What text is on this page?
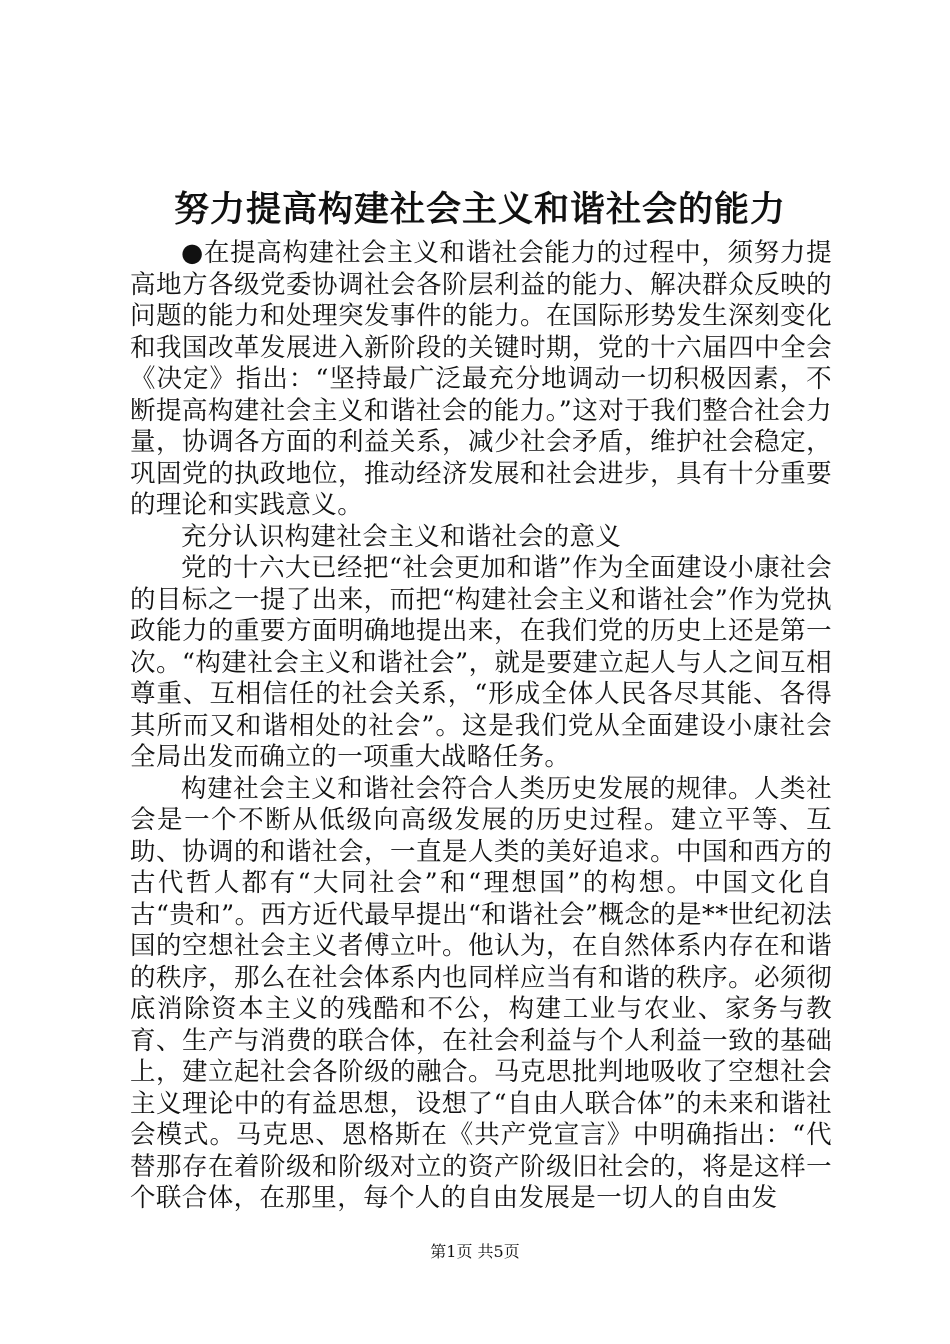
努力提高构建社会主义和谐社会的能力

●在提高构建社会主义和谐社会能力的过程中，须努力提高地方各级党委协调社会各阶层利益的能力、解决群众反映的问题的能力和处理突发事件的能力。在国际形势发生深刻变化和我国改革发展进入新阶段的关键时期，党的十六届四中全会《决定》指出：“坚持最广泛最充分地调动一切积极因素，不断提高构建社会主义和谐社会的能力。”这对于我们整合社会力量，协调各方面的利益关系，减少社会矛盾，维护社会稳定，巩固党的执政地位，推动经济发展和社会进步，具有十分重要的理论和实践意义。

充分认识构建社会主义和谐社会的意义

党的十六大已经把“社会更加和谐”作为全面建设小康社会的目标之一提了出来，而把“构建社会主义和谐社会”作为党执政能力的重要方面明确地提出来，在我们党的历史上还是第一次。“构建社会主义和谐社会”，就是要建立起人与人之间互相尊重、互相信任的社会关系，“形成全体人民各尽其能、各得其所而又和谐相处的社会”。这是我们党从全面建设小康社会全局出发而确立的一项重大战略任务。

构建社会主义和谐社会符合人类历史发展的规律。人类社会是一个不断从低级向高级发展的历史过程。建立平等、互助、协调的和谐社会，一直是人类的美好追求。中国和西方的古代哲人都有“大同社会”和“理想国”的构想。中国文化自古“贵和”。西方近代最早提出“和谐社会”概念的是**世纪初法国的空想社会主义者傅立叶。他认为，在自然体系内存在和谐的秩序，那么在社会体系内也同样应当有和谐的秩序。必须彻底消除资本主义的残酷和不公，构建工业与农业、家务与教育、生产与消费的联合体，在社会利益与个人利益一致的基础上，建立起社会各阶级的融合。马克思批判地吸收了空想社会主义理论中的有益思想，设想了“自由人联合体”的未来和谐社会模式。马克思、恩格斯在《共产党宣言》中明确指出：“代替那存在着阶级和阶级对立的资产阶级旧社会的，将是这样一个联合体，在那里，每个人的自由发展是一切人的自由发

第1页 共5页
